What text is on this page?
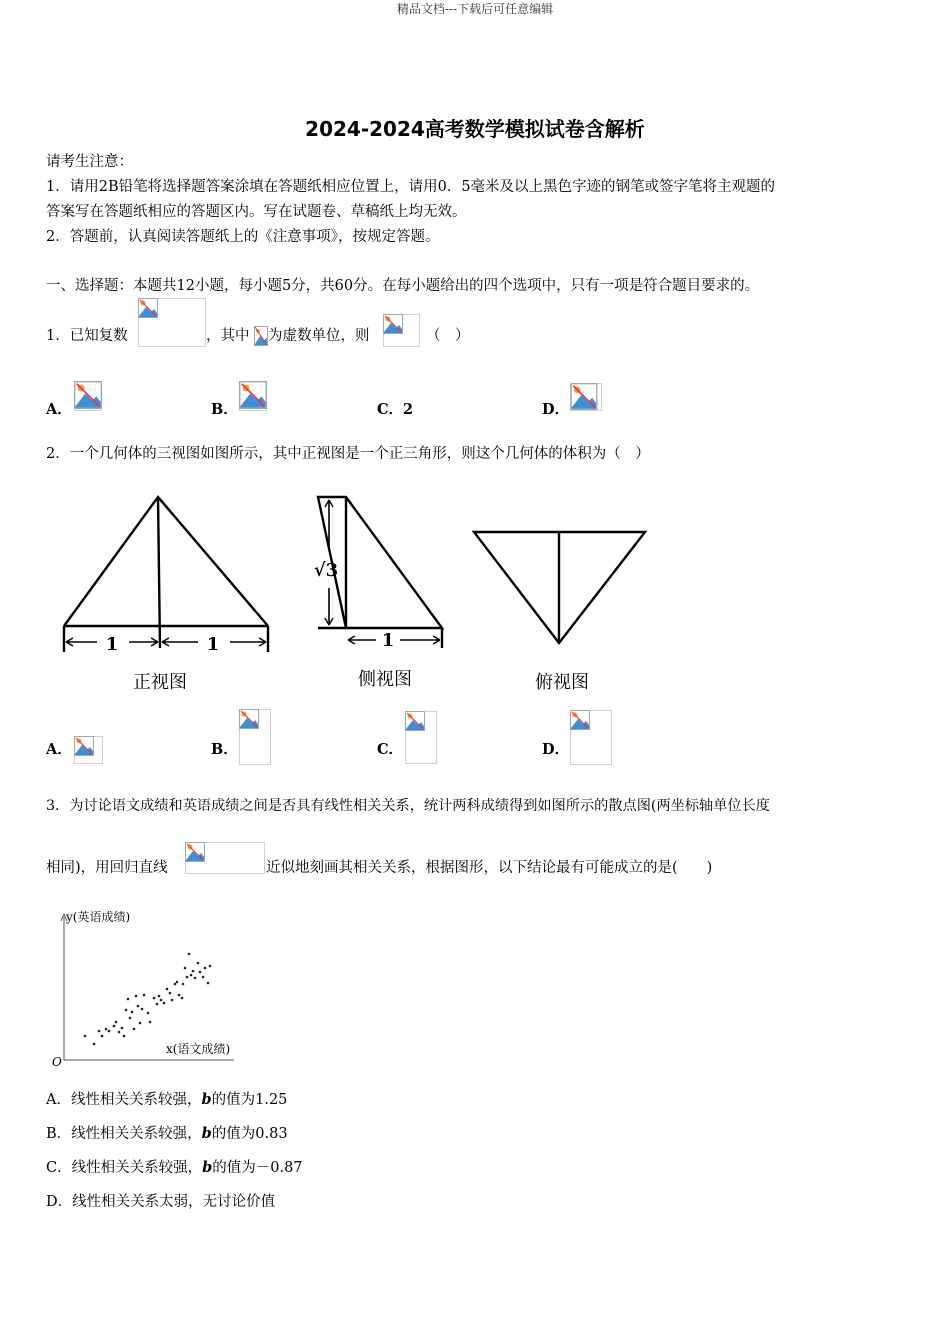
精品文档---下载后可任意编辑
2024-2024高考数学模拟试卷含解析
请考生注意：
1．请用2B铅笔将选择题答案涂填在答题纸相应位置上，请用0．5毫米及以上黑色字迹的钢笔或签字笔将主观题的
答案写在答题纸相应的答题区内。写在试题卷、草稿纸上均无效。
2．答题前，认真阅读答题纸上的《注意事项》，按规定答题。
一、选择题：本题共12小题，每小题5分，共60分。在每小题给出的四个选项中，只有一项是符合题目要求的。
1．已知复数	，其中 为虚数单位，则	（　）
A．	B．	C．2	D．
2．一个几何体的三视图如图所示，其中正视图是一个正三角形，则这个几何体的体积为（　）
1	1
√3
1
正视图	侧视图	俯视图
A．	B．	C．	D．
3．为讨论语文成绩和英语成绩之间是否具有线性相关关系，统计两科成绩得到如图所示的散点图(两坐标轴单位长度
相同)，用回归直线	近似地刻画其相关关系，根据图形，以下结论最有可能成立的是(　　)
y(英语成绩)
x(语文成绩)
O
A．线性相关关系较强，b的值为1.25
B．线性相关关系较强，b的值为0.83
C．线性相关关系较强，b的值为－0.87
D．线性相关关系太弱，无讨论价值
